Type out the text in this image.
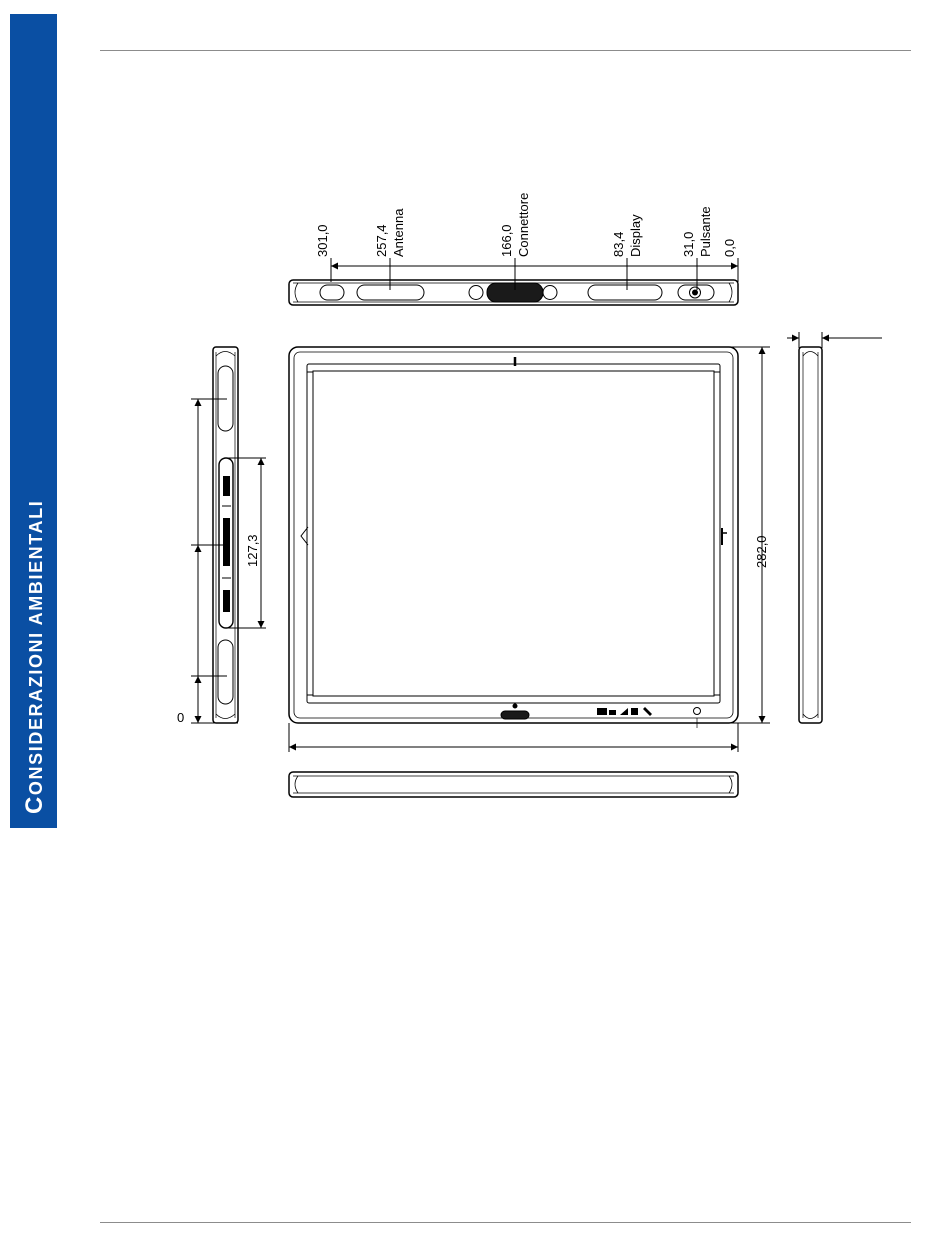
CONSIDERAZIONI AMBIENTALI
301,0	257,4 Antenna	166,0 Connettore	83,4 Display	31,0 Pulsante 0,0
282,0
0
127,3
